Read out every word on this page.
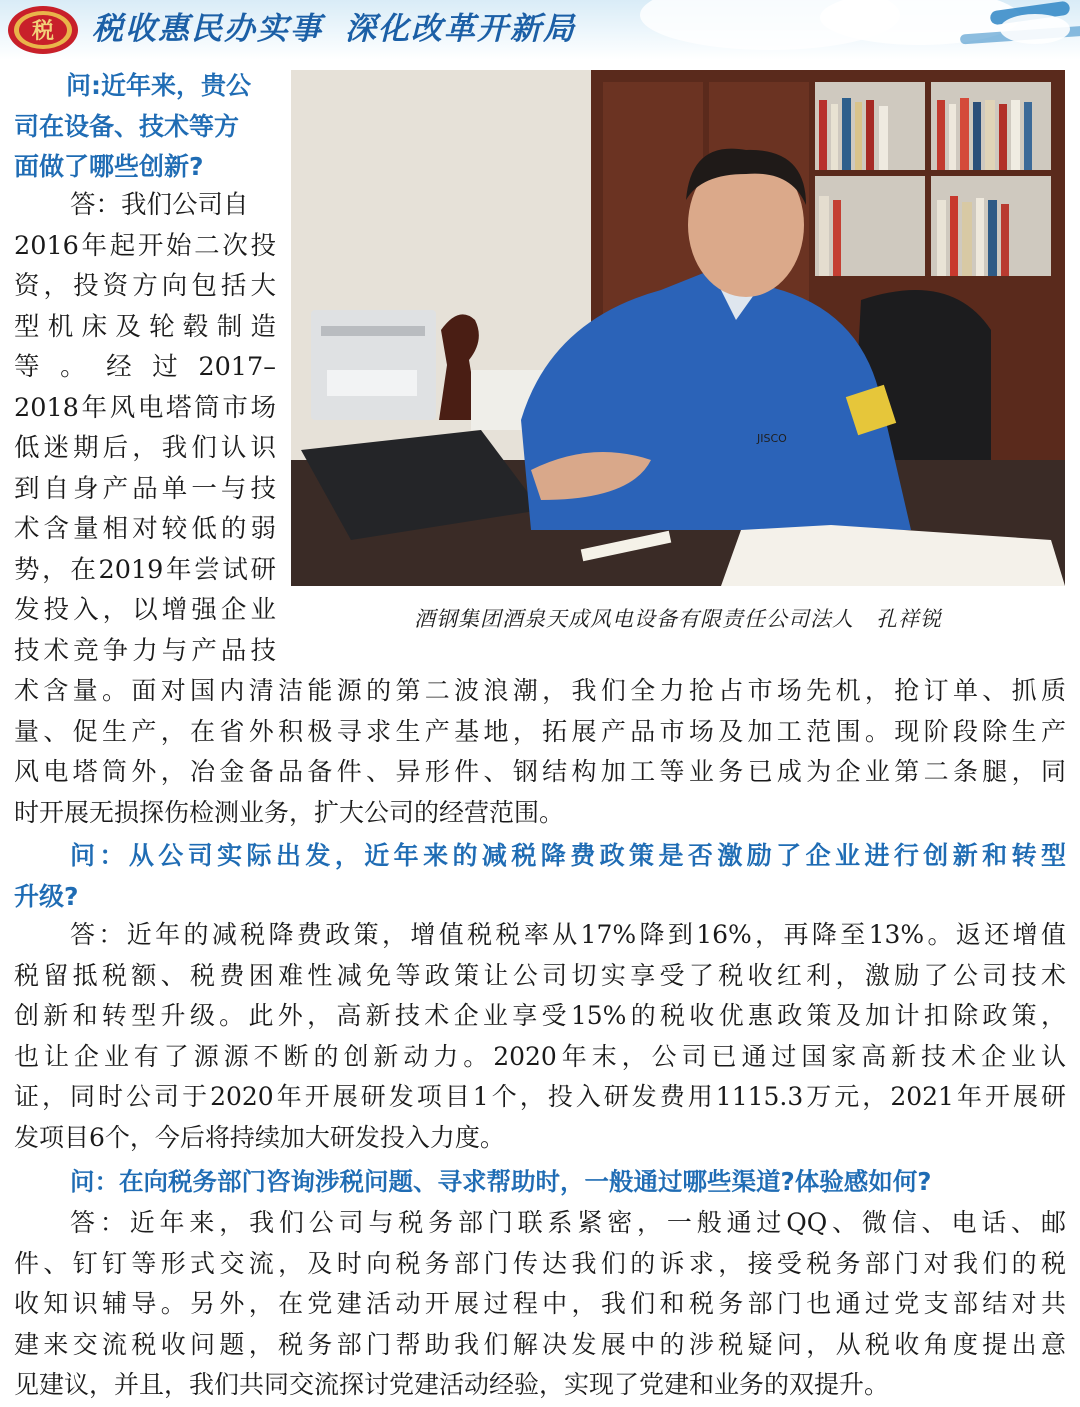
税 税收惠民办实事 深化改革开新局
问:近年来，贵公
司在设备、技术等方
面做了哪些创新?
答：我们公司自
2016年起开始二次投
资，投资方向包括大
型机床及轮毂制造
等。经过2017–
2018年风电塔筒市场
低迷期后，我们认识
到自身产品单一与技
术含量相对较低的弱
势，在2019年尝试研
发投入，以增强企业
技术竞争力与产品技
JISCO
酒钢集团酒泉天成风电设备有限责任公司法人　孔祥锐
术含量。面对国内清洁能源的第二波浪潮，我们全力抢占市场先机，抢订单、抓质
量、促生产，在省外积极寻求生产基地，拓展产品市场及加工范围。现阶段除生产
风电塔筒外，冶金备品备件、异形件、钢结构加工等业务已成为企业第二条腿，同
时开展无损探伤检测业务，扩大公司的经营范围。
问：从公司实际出发，近年来的减税降费政策是否激励了企业进行创新和转型
升级?
答：近年的减税降费政策，增值税税率从17%降到16%，再降至13%。返还增值
税留抵税额、税费困难性减免等政策让公司切实享受了税收红利，激励了公司技术
创新和转型升级。此外，高新技术企业享受15%的税收优惠政策及加计扣除政策，
也让企业有了源源不断的创新动力。2020年末，公司已通过国家高新技术企业认
证，同时公司于2020年开展研发项目1个，投入研发费用1115.3万元，2021年开展研
发项目6个，今后将持续加大研发投入力度。
问：在向税务部门咨询涉税问题、寻求帮助时，一般通过哪些渠道?体验感如何?
答：近年来，我们公司与税务部门联系紧密，一般通过QQ、微信、电话、邮
件、钉钉等形式交流，及时向税务部门传达我们的诉求，接受税务部门对我们的税
收知识辅导。另外，在党建活动开展过程中，我们和税务部门也通过党支部结对共
建来交流税收问题，税务部门帮助我们解决发展中的涉税疑问，从税收角度提出意
见建议，并且，我们共同交流探讨党建活动经验，实现了党建和业务的双提升。
